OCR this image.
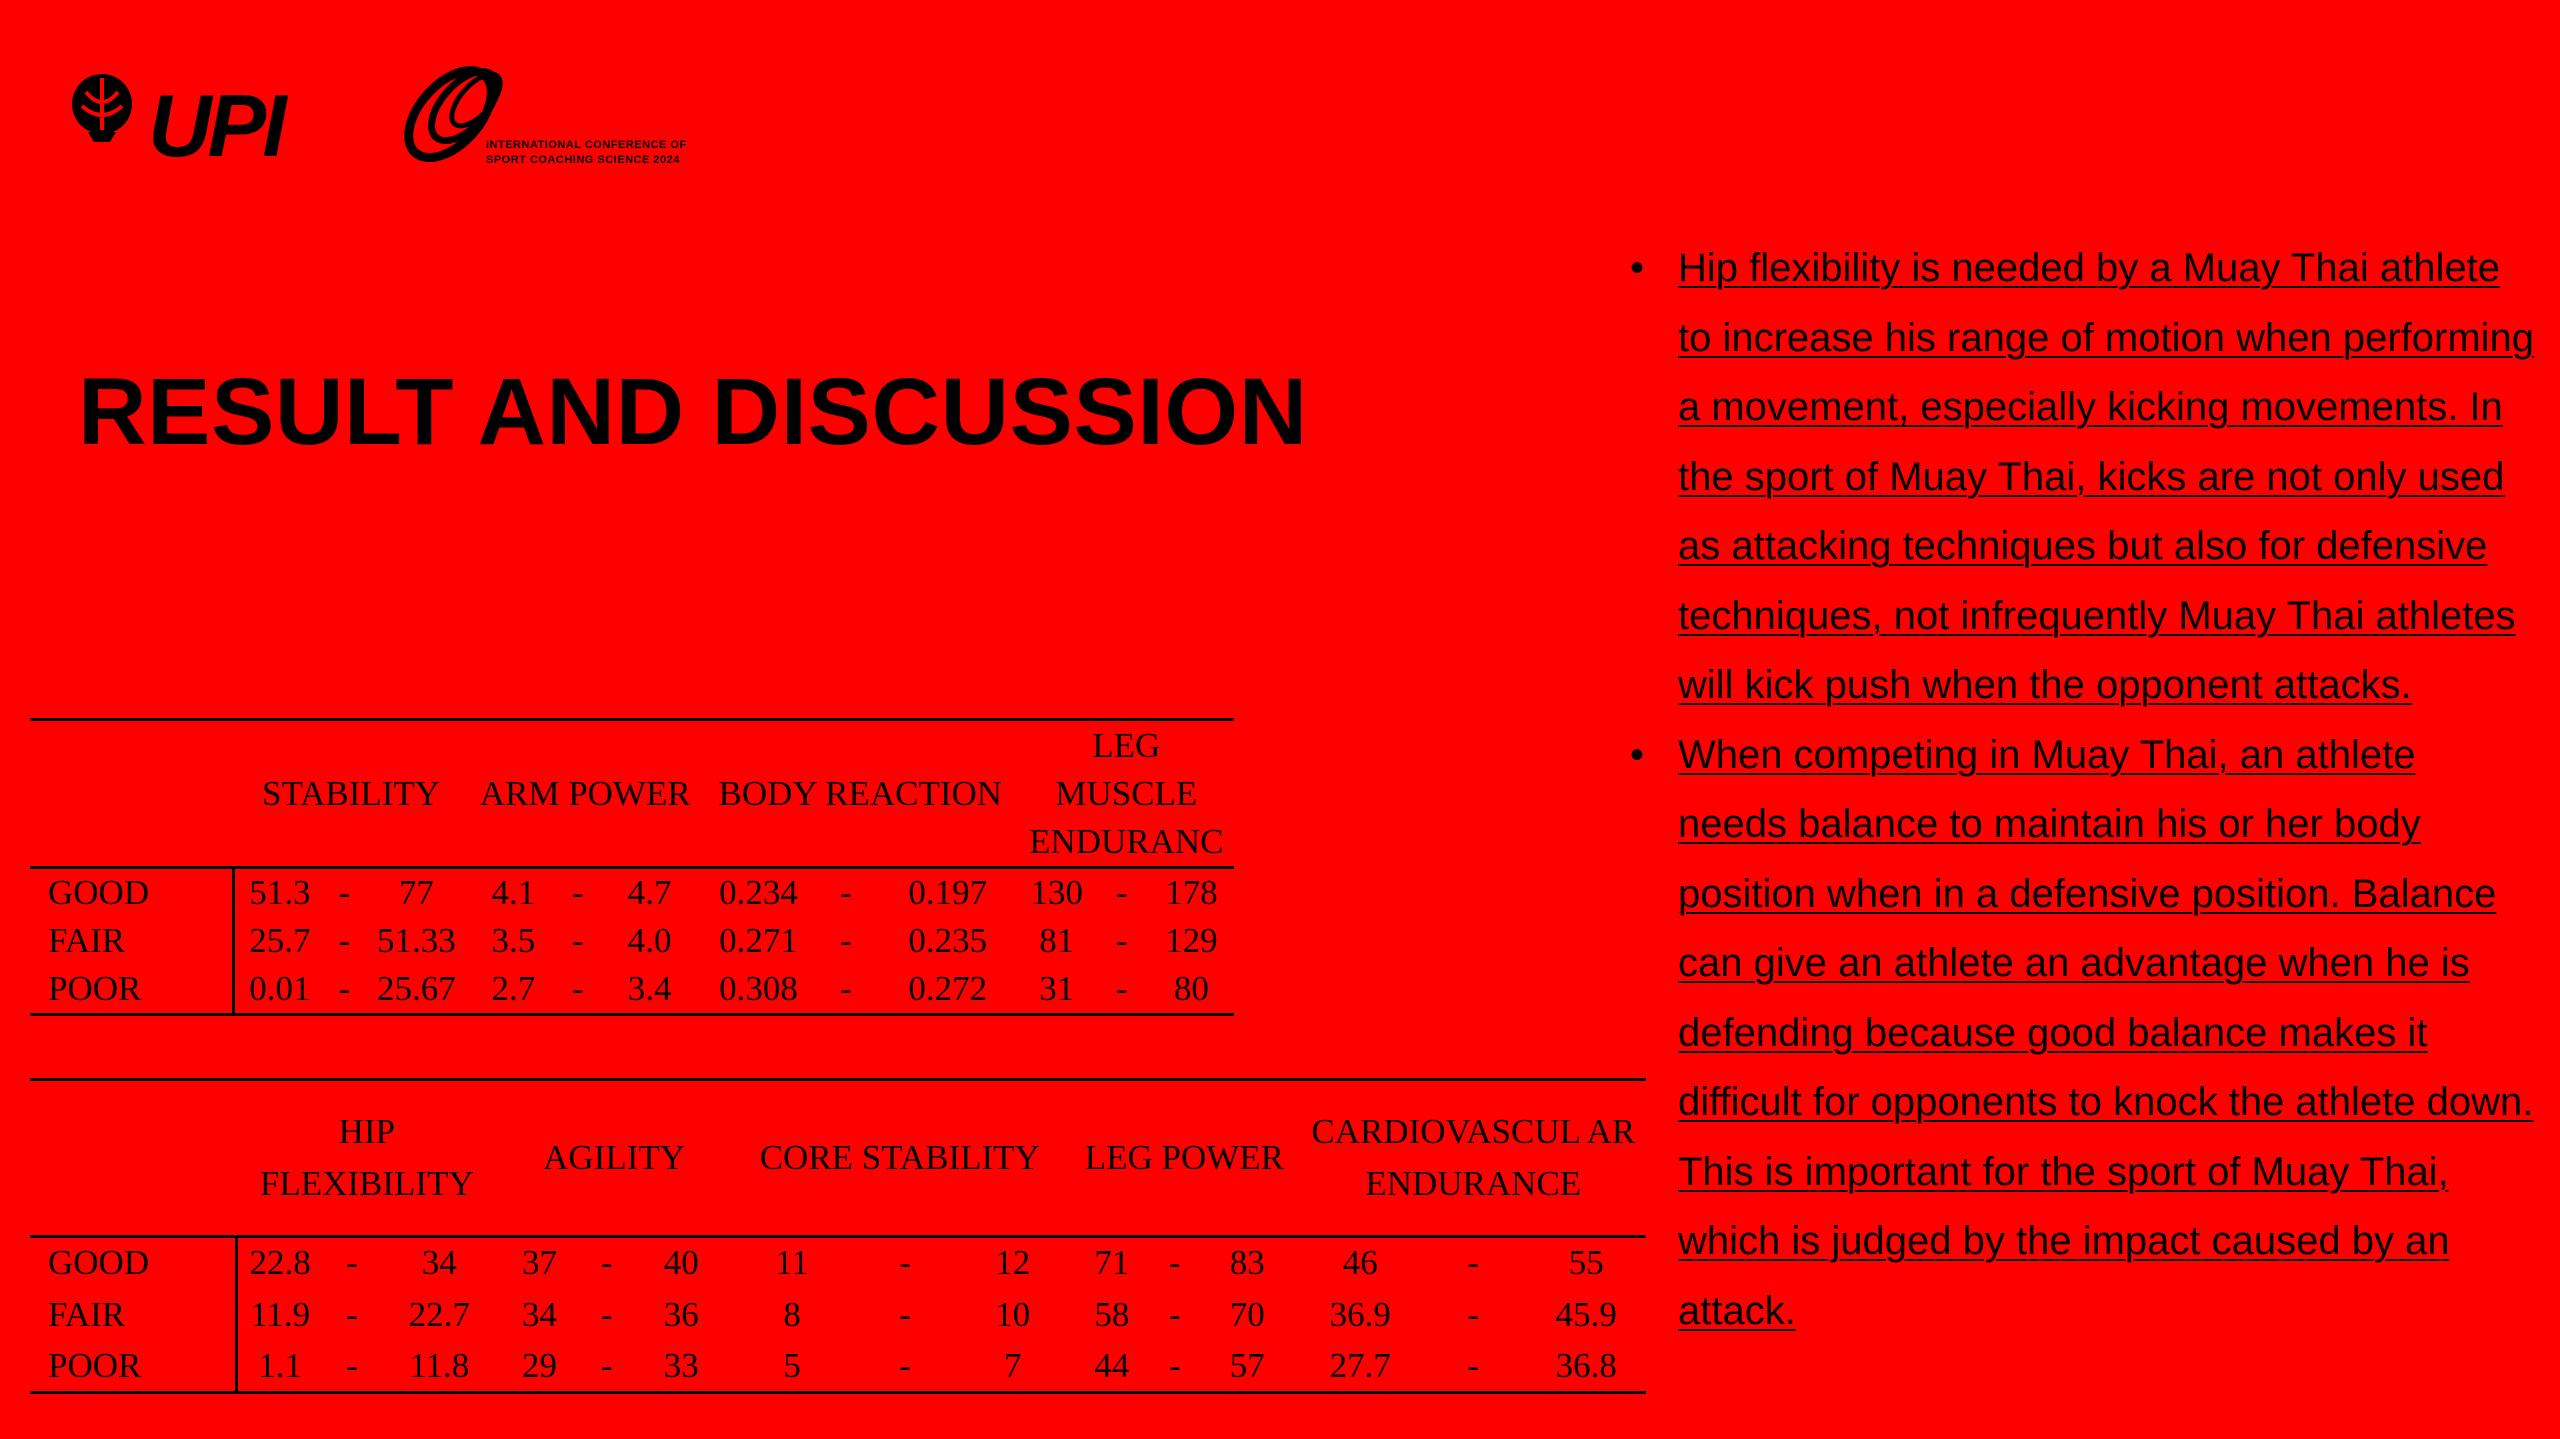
UPI	INTERNATIONAL CONFERENCE OF SPORT COACHING SCIENCE 2024
RESULT AND DISCUSSION
	STABILITY			ARM POWER			BODY REACTION			LEG MUSCLE ENDURANC		
GOOD	51.3	-	77	4.1	-	4.7	0.234	-	0.197	130	-	178
FAIR	25.7	-	51.33	3.5	-	4.0	0.271	-	0.235	81	-	129
POOR	0.01	-	25.67	2.7	-	3.4	0.308	-	0.272	31	-	80
	HIP FLEXIBILITY			AGILITY			CORE STABILITY			LEG POWER			CARDIOVASCUL AR ENDURANCE		
GOOD	22.8	-	34	37	-	40	11	-	12	71	-	83	46	-	55
FAIR	11.9	-	22.7	34	-	36	8	-	10	58	-	70	36.9	-	45.9
POOR	1.1	-	11.8	29	-	33	5	-	7	44	-	57	27.7	-	36.8
• Hip flexibility is needed by a Muay Thai athlete to increase his range of motion when performing a movement, especially kicking movements. In the sport of Muay Thai, kicks are not only used as attacking techniques but also for defensive techniques, not infrequently Muay Thai athletes will kick push when the opponent attacks.
• When competing in Muay Thai, an athlete needs balance to maintain his or her body position when in a defensive position. Balance can give an athlete an advantage when he is defending because good balance makes it difficult for opponents to knock the athlete down. This is important for the sport of Muay Thai, which is judged by the impact caused by an attack.
